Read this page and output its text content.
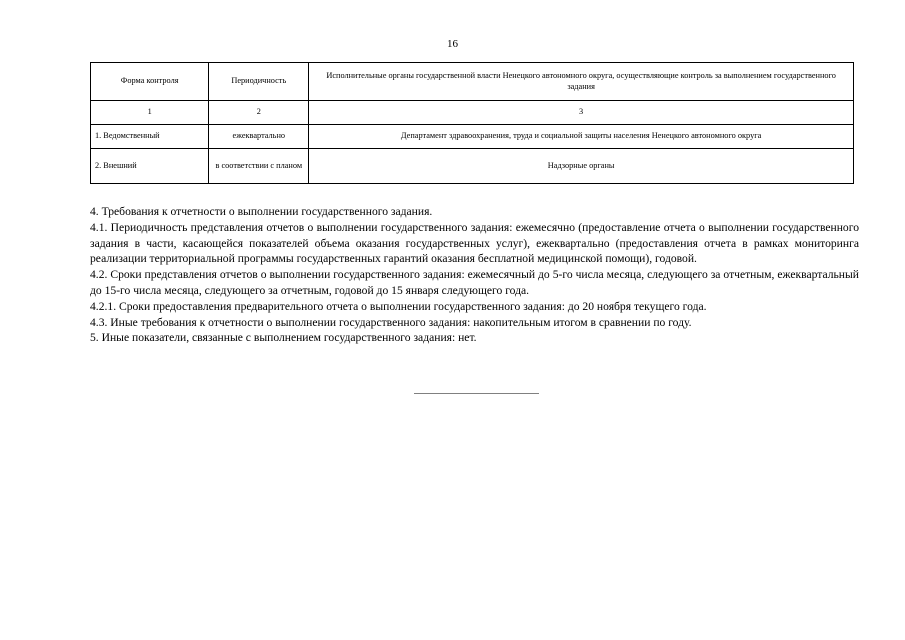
16
Форма контроля	Периодичность	Исполнительные органы государственной власти Ненецкого автономного округа, осуществляющие контроль за выполнением государственного задания
1	2	3
1. Ведомственный	ежеквартально	Департамент здравоохранения, труда и социальной защиты населения Ненецкого автономного округа
2. Внешний	в соответствии с планом	Надзорные органы

4. Требования к отчетности о выполнении государственного задания.

4.1. Периодичность представления отчетов о выполнении государственного задания: ежемесячно (предоставление отчета о выполнении государственного задания в части, касающейся показателей объема оказания государственных услуг), ежеквартально (предоставления отчета в рамках мониторинга реализации территориальной программы государственных гарантий оказания бесплатной медицинской помощи), годовой.

4.2. Сроки представления отчетов о выполнении государственного задания: ежемесячный до 5-го числа месяца, следующего за отчетным, ежеквартальный до 15-го числа месяца, следующего за отчетным, годовой до 15 января следующего года.

4.2.1. Сроки предоставления предварительного отчета о выполнении государственного задания: до 20 ноября текущего года.

4.3. Иные требования к отчетности о выполнении государственного задания: накопительным итогом в сравнении по году.

5. Иные показатели, связанные с выполнением государственного задания: нет.
